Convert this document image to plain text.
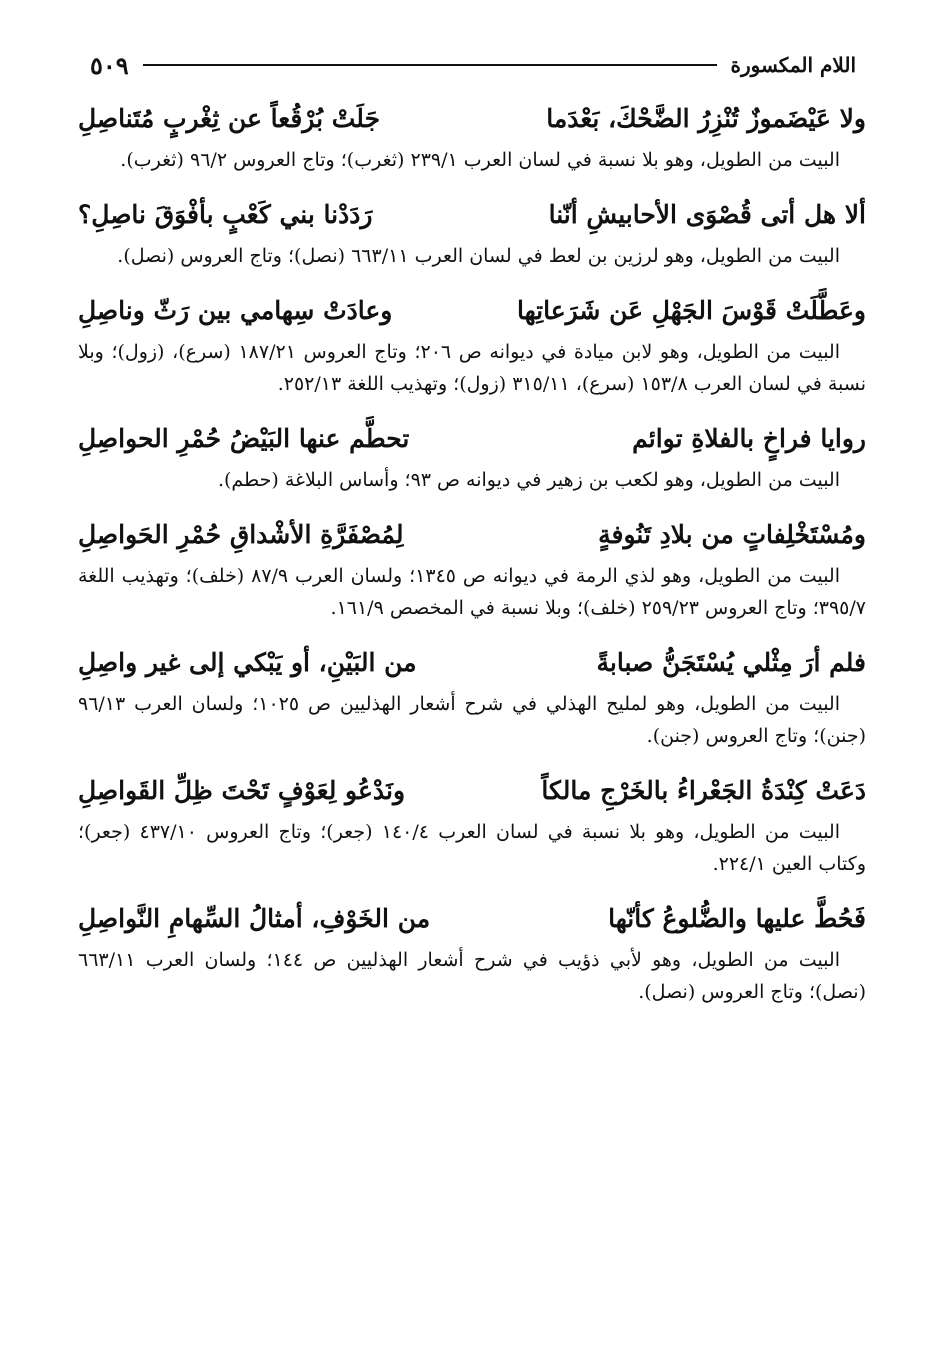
اللام المكسورة
٥٠٩
ولا عَيْضَموزٌ تُنْزِرُ الضَّحْكَ، بَعْدَما
جَلَتْ بُرْقُعاً عن ثِغْربٍ مُتَناصِلِ

البيت من الطويل، وهو بلا نسبة في لسان العرب ٢٣٩/١ (ثغرب)؛ وتاج العروس ٩٦/٢ (ثغرب).

ألا هل أتى قُصْوَى الأحابيشِ أنّنا
رَدَدْنا بني كَعْبٍ بأفْوَقَ ناصِلِ؟

البيت من الطويل، وهو لرزين بن لعط في لسان العرب ٦٦٣/١١ (نصل)؛ وتاج العروس (نصل).

وعَطَّلَتْ قَوْسَ الجَهْلِ عَن شَرَعاتِها
وعادَتْ سِهامي بين رَثّ وناصِلِ

البيت من الطويل، وهو لابن ميادة في ديوانه ص ٢٠٦؛ وتاج العروس ١٨٧/٢١ (سرع)، (زول)؛ وبلا نسبة في لسان العرب ١٥٣/٨ (سرع)، ٣١٥/١١ (زول)؛ وتهذيب اللغة ٢٥٢/١٣.

روايا فراخٍ بالفلاةِ توائم
تحطَّم عنها البَيْضُ حُمْرِ الحواصِلِ

البيت من الطويل، وهو لكعب بن زهير في ديوانه ص ٩٣؛ وأساس البلاغة (حطم).

ومُسْتَخْلِفاتٍ من بلادِ تَنُوفةٍ
لِمُصْفَرَّةِ الأشْداقِ حُمْرِ الحَواصِلِ

البيت من الطويل، وهو لذي الرمة في ديوانه ص ١٣٤٥؛ ولسان العرب ٨٧/٩ (خلف)؛ وتهذيب اللغة ٣٩٥/٧؛ وتاج العروس ٢٥٩/٢٣ (خلف)؛ وبلا نسبة في المخصص ١٦١/٩.

فلم أرَ مِثْلي يُسْتَجَنُّ صبابةً
من البَيْنِ، أو يَبْكي إلى غير واصِلِ

البيت من الطويل، وهو لمليح الهذلي في شرح أشعار الهذليين ص ١٠٢٥؛ ولسان العرب ٩٦/١٣ (جنن)؛ وتاج العروس (جنن).

دَعَتْ كِنْدَةُ الجَعْراءُ بالخَرْجِ مالكاً
ونَدْعُو لِعَوْفٍ تَحْتَ ظِلِّ القَواصِلِ

البيت من الطويل، وهو بلا نسبة في لسان العرب ١٤٠/٤ (جعر)؛ وتاج العروس ٤٣٧/١٠ (جعر)؛ وكتاب العين ٢٢٤/١.

فَحُطَّ عليها والضُّلوعُ كأنّها
من الخَوْفِ، أمثالُ السِّهامِ النَّواصِلِ

البيت من الطويل، وهو لأبي ذؤيب في شرح أشعار الهذليين ص ١٤٤؛ ولسان العرب ٦٦٣/١١ (نصل)؛ وتاج العروس (نصل).
